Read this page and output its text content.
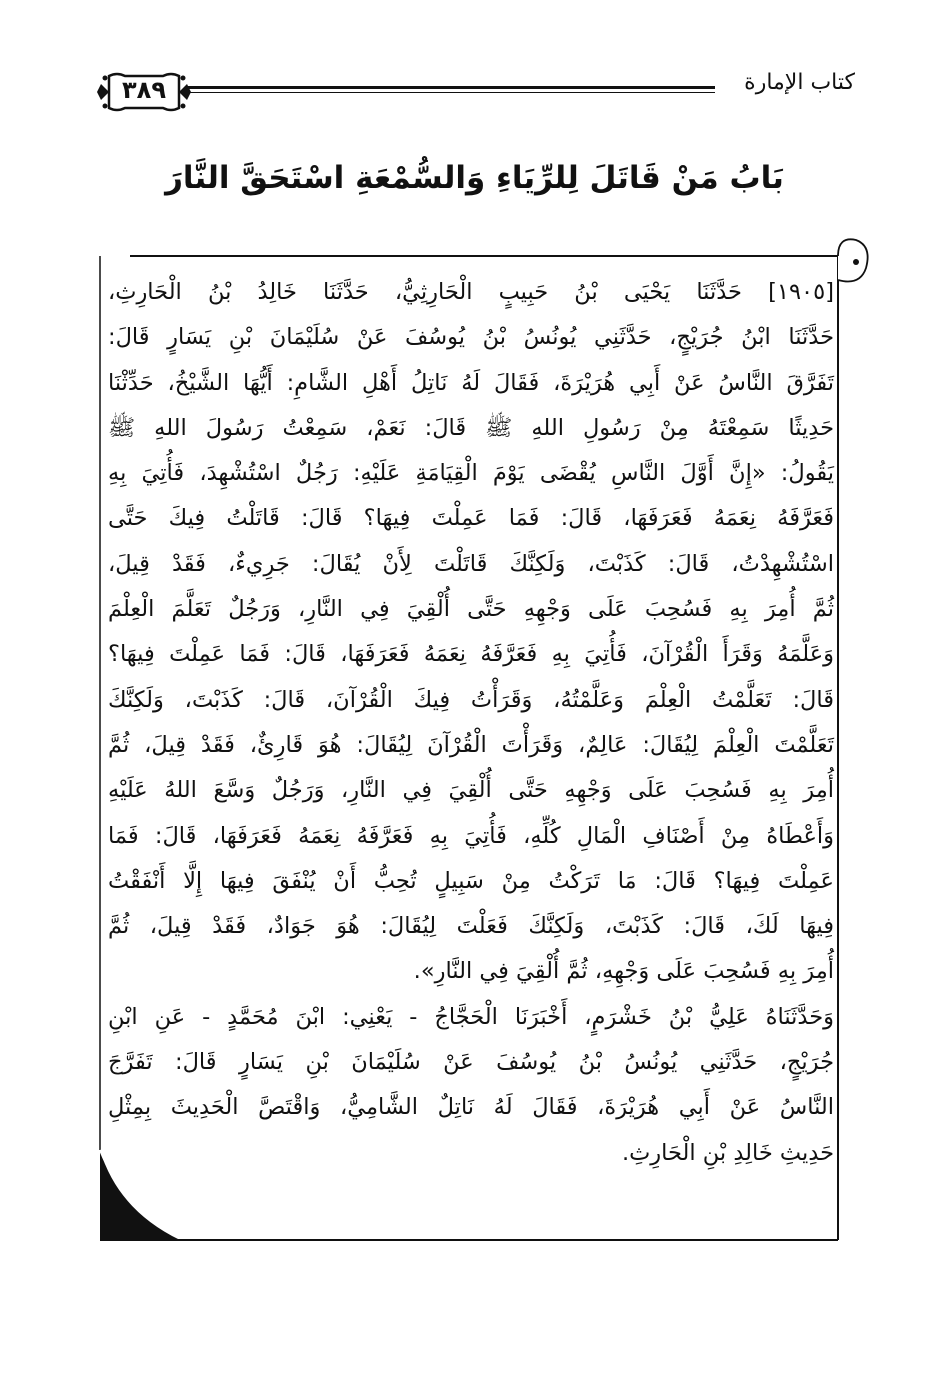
٣٨٩	كتاب الإمارة
بَابُ مَنْ قَاتَلَ لِلرِّيَاءِ وَالسُّمْعَةِ اسْتَحَقَّ النَّارَ
[١٩٠٥] حَدَّثَنَا يَحْيَى بْنُ حَبِيبٍ الْحَارِثِيُّ، حَدَّثَنَا خَالِدُ بْنُ الْحَارِثِ،
حَدَّثَنَا ابْنُ جُرَيْجٍ، حَدَّثَنِي يُونُسُ بْنُ يُوسُفَ عَنْ سُلَيْمَانَ بْنِ يَسَارٍ قَالَ:
تَفَرَّقَ النَّاسُ عَنْ أَبِي هُرَيْرَةَ، فَقَالَ لَهُ نَاتِلُ أَهْلِ الشَّامِ: أَيُّهَا الشَّيْخُ، حَدِّثْنَا
حَدِيثًا سَمِعْتَهُ مِنْ رَسُولِ اللهِ ﷺ قَالَ: نَعَمْ، سَمِعْتُ رَسُولَ اللهِ ﷺ
يَقُولُ: «إِنَّ أَوَّلَ النَّاسِ يُقْضَى يَوْمَ الْقِيَامَةِ عَلَيْهِ: رَجُلٌ اسْتُشْهِدَ، فَأُتِيَ بِهِ
فَعَرَّفَهُ نِعَمَهُ فَعَرَفَهَا، قَالَ: فَمَا عَمِلْتَ فِيهَا؟ قَالَ: قَاتَلْتُ فِيكَ حَتَّى
اسْتُشْهِدْتُ، قَالَ: كَذَبْتَ، وَلَكِنَّكَ قَاتَلْتَ لِأَنْ يُقَالَ: جَرِيءٌ، فَقَدْ قِيلَ،
ثُمَّ أُمِرَ بِهِ فَسُحِبَ عَلَى وَجْهِهِ حَتَّى أُلْقِيَ فِي النَّارِ، وَرَجُلٌ تَعَلَّمَ الْعِلْمَ
وَعَلَّمَهُ وَقَرَأَ الْقُرْآنَ، فَأُتِيَ بِهِ فَعَرَّفَهُ نِعَمَهُ فَعَرَفَهَا، قَالَ: فَمَا عَمِلْتَ فِيهَا؟
قَالَ: تَعَلَّمْتُ الْعِلْمَ وَعَلَّمْتُهُ، وَقَرَأْتُ فِيكَ الْقُرْآنَ، قَالَ: كَذَبْتَ، وَلَكِنَّكَ
تَعَلَّمْتَ الْعِلْمَ لِيُقَالَ: عَالِمٌ، وَقَرَأْتَ الْقُرْآنَ لِيُقَالَ: هُوَ قَارِئٌ، فَقَدْ قِيلَ، ثُمَّ
أُمِرَ بِهِ فَسُحِبَ عَلَى وَجْهِهِ حَتَّى أُلْقِيَ فِي النَّارِ، وَرَجُلٌ وَسَّعَ اللهُ عَلَيْهِ
وَأَعْطَاهُ مِنْ أَصْنَافِ الْمَالِ كُلِّهِ، فَأُتِيَ بِهِ فَعَرَّفَهُ نِعَمَهُ فَعَرَفَهَا، قَالَ: فَمَا
عَمِلْتَ فِيهَا؟ قَالَ: مَا تَرَكْتُ مِنْ سَبِيلٍ تُحِبُّ أَنْ يُنْفَقَ فِيهَا إِلَّا أَنْفَقْتُ
فِيهَا لَكَ، قَالَ: كَذَبْتَ، وَلَكِنَّكَ فَعَلْتَ لِيُقَالَ: هُوَ جَوَادٌ، فَقَدْ قِيلَ، ثُمَّ
أُمِرَ بِهِ فَسُحِبَ عَلَى وَجْهِهِ، ثُمَّ أُلْقِيَ فِي النَّارِ».
وَحَدَّثَنَاهُ عَلِيُّ بْنُ خَشْرَمٍ، أَخْبَرَنَا الْحَجَّاجُ - يَعْنِي: ابْنَ مُحَمَّدٍ - عَنِ ابْنِ
جُرَيْجٍ، حَدَّثَنِي يُونُسُ بْنُ يُوسُفَ عَنْ سُلَيْمَانَ بْنِ يَسَارٍ قَالَ: تَفَرَّجَ
النَّاسُ عَنْ أَبِي هُرَيْرَةَ، فَقَالَ لَهُ نَاتِلٌ الشَّامِيُّ، وَاقْتَصَّ الْحَدِيثَ بِمِثْلِ
حَدِيثِ خَالِدِ بْنِ الْحَارِثِ.
